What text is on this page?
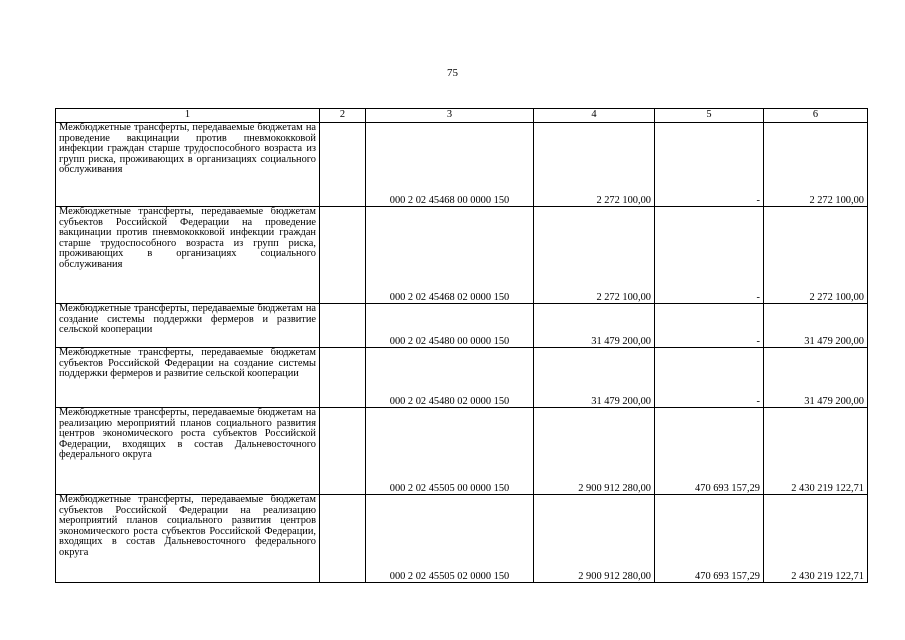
75
1	2	3	4	5	6
Межбюджетные трансферты, передаваемые бюджетам на проведение вакцинации против пневмококковой инфекции граждан старше трудоспособного возраста из групп риска, проживающих в организациях социального обслуживания		000 2 02 45468 00 0000 150	2 272 100,00	-	2 272 100,00
Межбюджетные трансферты, передаваемые бюджетам субъектов Российской Федерации на проведение вакцинации против пневмококковой инфекции граждан старше трудоспособного возраста из групп риска, проживающих в организациях социального обслуживания		000 2 02 45468 02 0000 150	2 272 100,00	-	2 272 100,00
Межбюджетные трансферты, передаваемые бюджетам на создание системы поддержки фермеров и развитие сельской кооперации		000 2 02 45480 00 0000 150	31 479 200,00	-	31 479 200,00
Межбюджетные трансферты, передаваемые бюджетам субъектов Российской Федерации на создание системы поддержки фермеров и развитие сельской кооперации		000 2 02 45480 02 0000 150	31 479 200,00	-	31 479 200,00
Межбюджетные трансферты, передаваемые бюджетам на реализацию мероприятий планов социального развития центров экономического роста субъектов Российской Федерации, входящих в состав Дальневосточного федерального округа		000 2 02 45505 00 0000 150	2 900 912 280,00	470 693 157,29	2 430 219 122,71
Межбюджетные трансферты, передаваемые бюджетам субъектов Российской Федерации на реализацию мероприятий планов социального развития центров экономического роста субъектов Российской Федерации, входящих в состав Дальневосточного федерального округа		000 2 02 45505 02 0000 150	2 900 912 280,00	470 693 157,29	2 430 219 122,71
